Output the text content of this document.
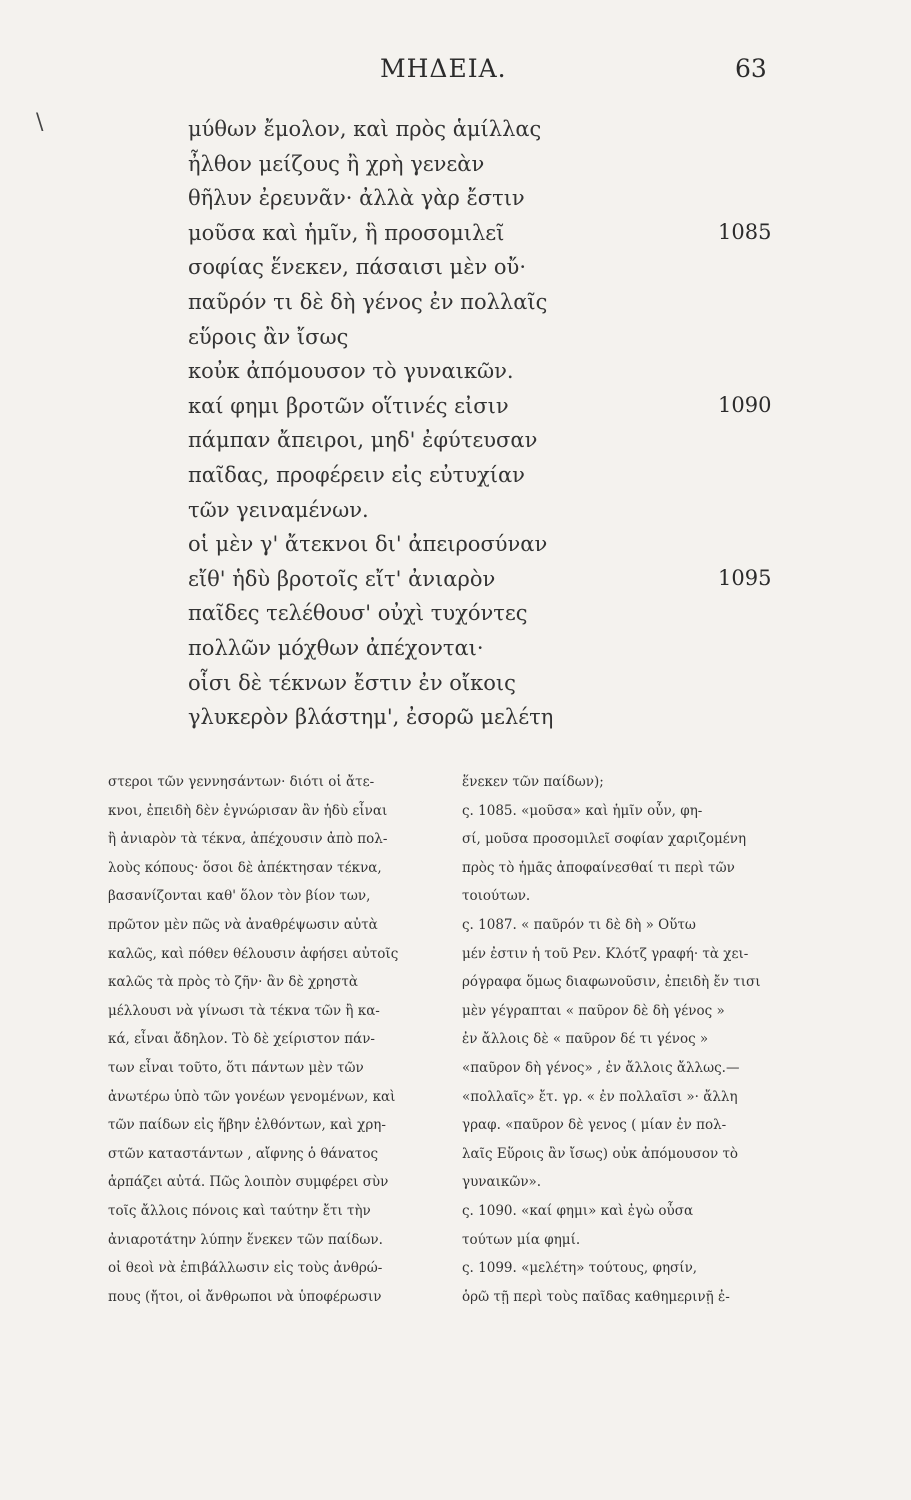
ΜΗΔΕΙΑ.	63
\	μύθων ἔμολον, καὶ πρὸς ἁμίλλας
ἦλθον μείζους ἢ χρὴ γενεὰν
θῆλυν ἐρευνᾶν· ἀλλὰ γὰρ ἔστιν
μοῦσα καὶ ἡμῖν, ἣ προσομιλεῖ
σοφίας ἕνεκεν, πάσαισι μὲν οὔ·
παῦρόν τι δὲ δὴ γένος ἐν πολλαῖς
εὕροις ἂν ἴσως
κοὐκ ἀπόμουσον τὸ γυναικῶν.
καί φημι βροτῶν οἵτινές εἰσιν
πάμπαν ἄπειροι, μηδ' ἐφύτευσαν
παῖδας, προφέρειν εἰς εὐτυχίαν
τῶν γειναμένων.
οἱ μὲν γ' ἄτεκνοι δι' ἀπειροσύναν
εἴθ' ἡδὺ βροτοῖς εἴτ' ἀνιαρὸν
παῖδες τελέθουσ' οὐχὶ τυχόντες
πολλῶν μόχθων ἀπέχονται·
οἷσι δὲ τέκνων ἔστιν ἐν οἴκοις
γλυκερὸν βλάστημ', ἐσορῶ μελέτη
1085
1090
1095
στεροι τῶν γεννησάντων· διότι οἱ ἄτε-
κνοι, ἐπειδὴ δὲν ἐγνώρισαν ἂν ἡδὺ εἶναι
ἢ ἀνιαρὸν τὰ τέκνα, ἀπέχουσιν ἀπὸ πολ-
λοὺς κόπους· ὅσοι δὲ ἀπέκτησαν τέκνα,
βασανίζονται καθ' ὅλον τὸν βίον των,
πρῶτον μὲν πῶς νὰ ἀναθρέψωσιν αὐτὰ
καλῶς, καὶ πόθεν θέλουσιν ἀφήσει αὐτοῖς
καλῶς τὰ πρὸς τὸ ζῆν· ἂν δὲ χρηστὰ
μέλλουσι νὰ γίνωσι τὰ τέκνα τῶν ἢ κα-
κά, εἶναι ἄδηλον. Τὸ δὲ χείριστον πάν-
των εἶναι τοῦτο, ὅτι πάντων μὲν τῶν
ἀνωτέρω ὑπὸ τῶν γονέων γενομένων, καὶ
τῶν παίδων εἰς ἥβην ἐλθόντων, καὶ χρη-
στῶν καταστάντων , αἴφνης ὁ θάνατος
ἁρπάζει αὐτά. Πῶς λοιπὸν συμφέρει σὺν
τοῖς ἄλλοις πόνοις καὶ ταύτην ἔτι τὴν
ἀνιαροτάτην λύπην ἕνεκεν τῶν παίδων.
οἱ θεοὶ νὰ ἐπιβάλλωσιν εἰς τοὺς ἀνθρώ-
πους (ἤτοι, οἱ ἄνθρωποι νὰ ὑποφέρωσιν
ἕνεκεν τῶν παίδων);
ς. 1085. «μοῦσα» καὶ ἡμῖν οὖν, φη-
σί, μοῦσα προσομιλεῖ σοφίαν χαριζομένη
πρὸς τὸ ἡμᾶς ἀποφαίνεσθαί τι περὶ τῶν
τοιούτων.
ς. 1087. « παῦρόν τι δὲ δὴ » Οὕτω
μέν ἐστιν ἡ τοῦ Ρεν. Κλότζ γραφή· τὰ χει-
ρόγραφα ὅμως διαφωνοῦσιν, ἐπειδὴ ἔν τισι
μὲν γέγραπται « παῦρον δὲ δὴ γένος »
ἐν ἄλλοις δὲ « παῦρον δέ τι γένος »
«παῦρον δὴ γένος» , ἐν ἄλλοις ἄλλως.—
«πολλαῖς» ἔτ. γρ. « ἐν πολλαῖσι »· ἄλλη
γραφ. «παῦρον δὲ γενος ( μίαν ἐν πολ-
λαῖς Εὕροις ἂν ἴσως) οὐκ ἀπόμουσον τὸ
γυναικῶν».
ς. 1090. «καί φημι» καὶ ἐγὼ οὖσα
τούτων μία φημί.
ς. 1099. «μελέτη» τούτους, φησίν,
ὁρῶ τῇ περὶ τοὺς παῖδας καθημερινῇ ἐ-
